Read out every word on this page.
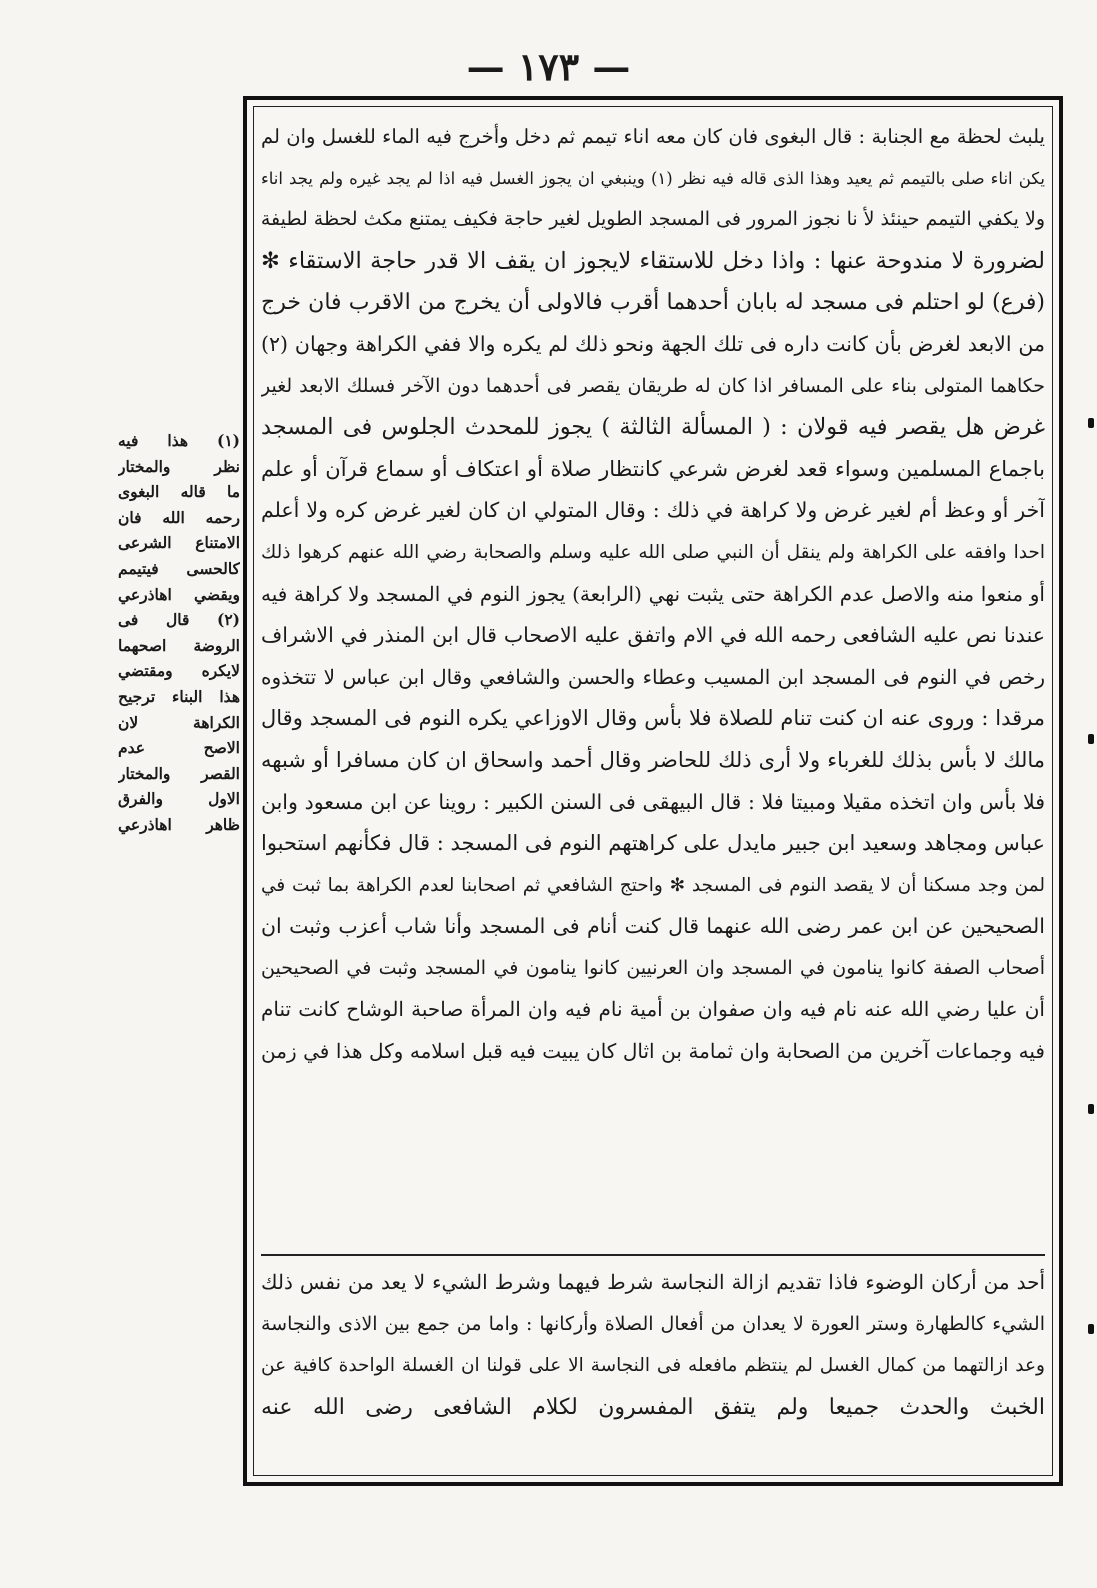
— ١٧٣ —
(١) هذا فيه
نظر والمختار
ما قاله البغوى
رحمه الله فان
الامتناع الشرعى
كالحسى فيتيمم
ويقضي اهاذرعي
(٢) قال فى
الروضة اصحهما
لايكره ومقتضي
هذا البناء ترجيح
الكراهة لان
الاصح عدم
القصر والمختار
الاول والفرق
ظاهر اهاذرعي
يلبث لحظة مع الجنابة : قال البغوى فان كان معه اناء تيمم ثم دخل وأخرج فيه الماء للغسل وان لم
يكن اناء صلى بالتيمم ثم يعيد وهذا الذى قاله فيه نظر (١) وينبغي ان يجوز الغسل فيه اذا لم يجد غيره ولم يجد اناء
ولا يكفي التيمم حينئذ لأ نا نجوز المرور فى المسجد الطويل لغير حاجة فكيف يمتنع مكث لحظة لطيفة
لضرورة لا مندوحة عنها : واذا دخل للاستقاء لايجوز ان يقف الا قدر حاجة الاستقاء ✻
(فرع) لو احتلم فى مسجد له بابان أحدهما أقرب فالاولى أن يخرج من الاقرب فان خرج
من الابعد لغرض بأن كانت داره فى تلك الجهة ونحو ذلك لم يكره والا ففي الكراهة وجهان (٢)
حكاهما المتولى بناء على المسافر اذا كان له طريقان يقصر فى أحدهما دون الآخر فسلك الابعد لغير
غرض هل يقصر فيه قولان : ( المسألة الثالثة ) يجوز للمحدث الجلوس فى المسجد
باجماع المسلمين وسواء قعد لغرض شرعي كانتظار صلاة أو اعتكاف أو سماع قرآن أو علم
آخر أو وعظ أم لغير غرض ولا كراهة في ذلك : وقال المتولي ان كان لغير غرض كره ولا أعلم
احدا وافقه على الكراهة ولم ينقل أن النبي صلى الله عليه وسلم والصحابة رضي الله عنهم كرهوا ذلك
أو منعوا منه والاصل عدم الكراهة حتى يثبت نهي (الرابعة) يجوز النوم في المسجد ولا كراهة فيه
عندنا نص عليه الشافعى رحمه الله في الام واتفق عليه الاصحاب قال ابن المنذر في الاشراف
رخص في النوم فى المسجد ابن المسيب وعطاء والحسن والشافعي وقال ابن عباس لا تتخذوه
مرقدا : وروى عنه ان كنت تنام للصلاة فلا بأس وقال الاوزاعي يكره النوم فى المسجد وقال
مالك لا بأس بذلك للغرباء ولا أرى ذلك للحاضر وقال أحمد واسحاق ان كان مسافرا أو شبهه
فلا بأس وان اتخذه مقيلا ومبيتا فلا : قال البيهقى فى السنن الكبير : روينا عن ابن مسعود وابن
عباس ومجاهد وسعيد ابن جبير مايدل على كراهتهم النوم فى المسجد : قال فكأنهم استحبوا
لمن وجد مسكنا أن لا يقصد النوم فى المسجد ✻ واحتج الشافعي ثم اصحابنا لعدم الكراهة بما ثبت في
الصحيحين عن ابن عمر رضى الله عنهما قال كنت أنام فى المسجد وأنا شاب أعزب وثبت ان
أصحاب الصفة كانوا ينامون في المسجد وان العرنيين كانوا ينامون في المسجد وثبت في الصحيحين
أن عليا رضي الله عنه نام فيه وان صفوان بن أمية نام فيه وان المرأة صاحبة الوشاح كانت تنام
فيه وجماعات آخرين من الصحابة وان ثمامة بن اثال كان يبيت فيه قبل اسلامه وكل هذا في زمن
أحد من أركان الوضوء فاذا تقديم ازالة النجاسة شرط فيهما وشرط الشيء لا يعد من نفس ذلك
الشيء كالطهارة وستر العورة لا يعدان من أفعال الصلاة وأركانها : واما من جمع بين الاذى والنجاسة
وعد ازالتهما من كمال الغسل لم ينتظم مافعله فى النجاسة الا على قولنا ان الغسلة الواحدة كافية عن
الخبث والحدث جميعا ولم يتفق المفسرون لكلام الشافعى رضى الله عنه
